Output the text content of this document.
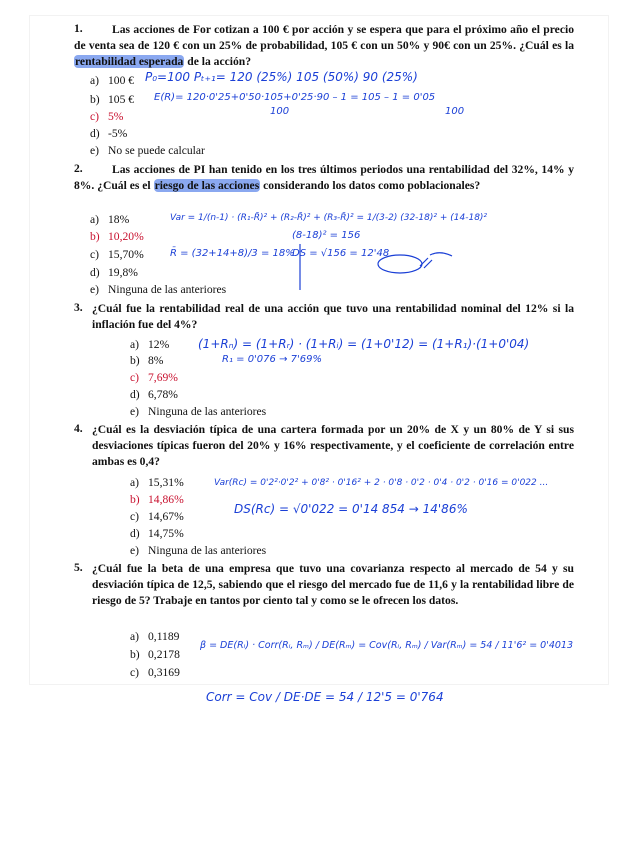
1.	Las acciones de For cotizan a 100 € por acción y se espera que para el próximo año el precio de venta sea de 120 € con un 25% de probabilidad, 105 € con un 50% y 90€ con un 25%. ¿Cuál es la rentabilidad esperada de la acción?
a) 100 €
b) 105 €
c) 5%
d) -5%
e) No se puede calcular
P₀=100 Pₜ₊₁= 120 (25%) 105 (50%) 90 (25%)
E(R)= 120·0'25+0'50·105+0'25·90 – 1 = 105 – 1 = 0'05
100	100
2.	Las acciones de PI han tenido en los tres últimos periodos una rentabilidad del 32%, 14% y 8%. ¿Cuál es el riesgo de las acciones considerando los datos como poblacionales?
a) 18%
b) 10,20%
c) 15,70%
d) 19,8%
e) Ninguna de las anteriores
Var = 1/(n-1) · (R₁-R̄)² + (R₂-R̄)² + (R₃-R̄)² = 1/(3-2) (32-18)² + (14-18)²
R̄ = (32+14+8)/3 = 18%
(8-18)² = 156
DS = √156 = 12'48
3. ¿Cuál fue la rentabilidad real de una acción que tuvo una rentabilidad nominal del 12% si la inflación fue del 4%?
a) 12%
b) 8%
c) 7,69%
d) 6,78%
e) Ninguna de las anteriores
(1+Rₙ) = (1+Rᵣ) · (1+Rᵢ) = (1+0'12) = (1+R₁)·(1+0'04)
R₁ = 0'076 → 7'69%
4. ¿Cuál es la desviación típica de una cartera formada por un 20% de X y un 80% de Y si sus desviaciones típicas fueron del 20% y 16% respectivamente, y el coeficiente de correlación entre ambas es 0,4?
a) 15,31%
b) 14,86%
c) 14,67%
d) 14,75%
e) Ninguna de las anteriores
Var(Rc) = 0'2²·0'2² + 0'8² · 0'16² + 2 · 0'8 · 0'2 · 0'4 · 0'2 · 0'16 = 0'022 ...
DS(Rc) = √0'022 = 0'14 854 → 14'86%
5. ¿Cuál fue la beta de una empresa que tuvo una covarianza respecto al mercado de 54 y su desviación típica de 12,5, sabiendo que el riesgo del mercado fue de 11,6 y la rentabilidad libre de riesgo de 5? Trabaje en tantos por ciento tal y como se le ofrecen los datos.
a) 0,1189
b) 0,2178
c) 0,3169
β = DE(Rᵢ) · Corr(Rᵢ, Rₘ) / DE(Rₘ) = Cov(Rᵢ, Rₘ) / Var(Rₘ) = 54 / 11'6² = 0'4013
Corr = Cov / DE·DE = 54 / 12'5 = 0'764
